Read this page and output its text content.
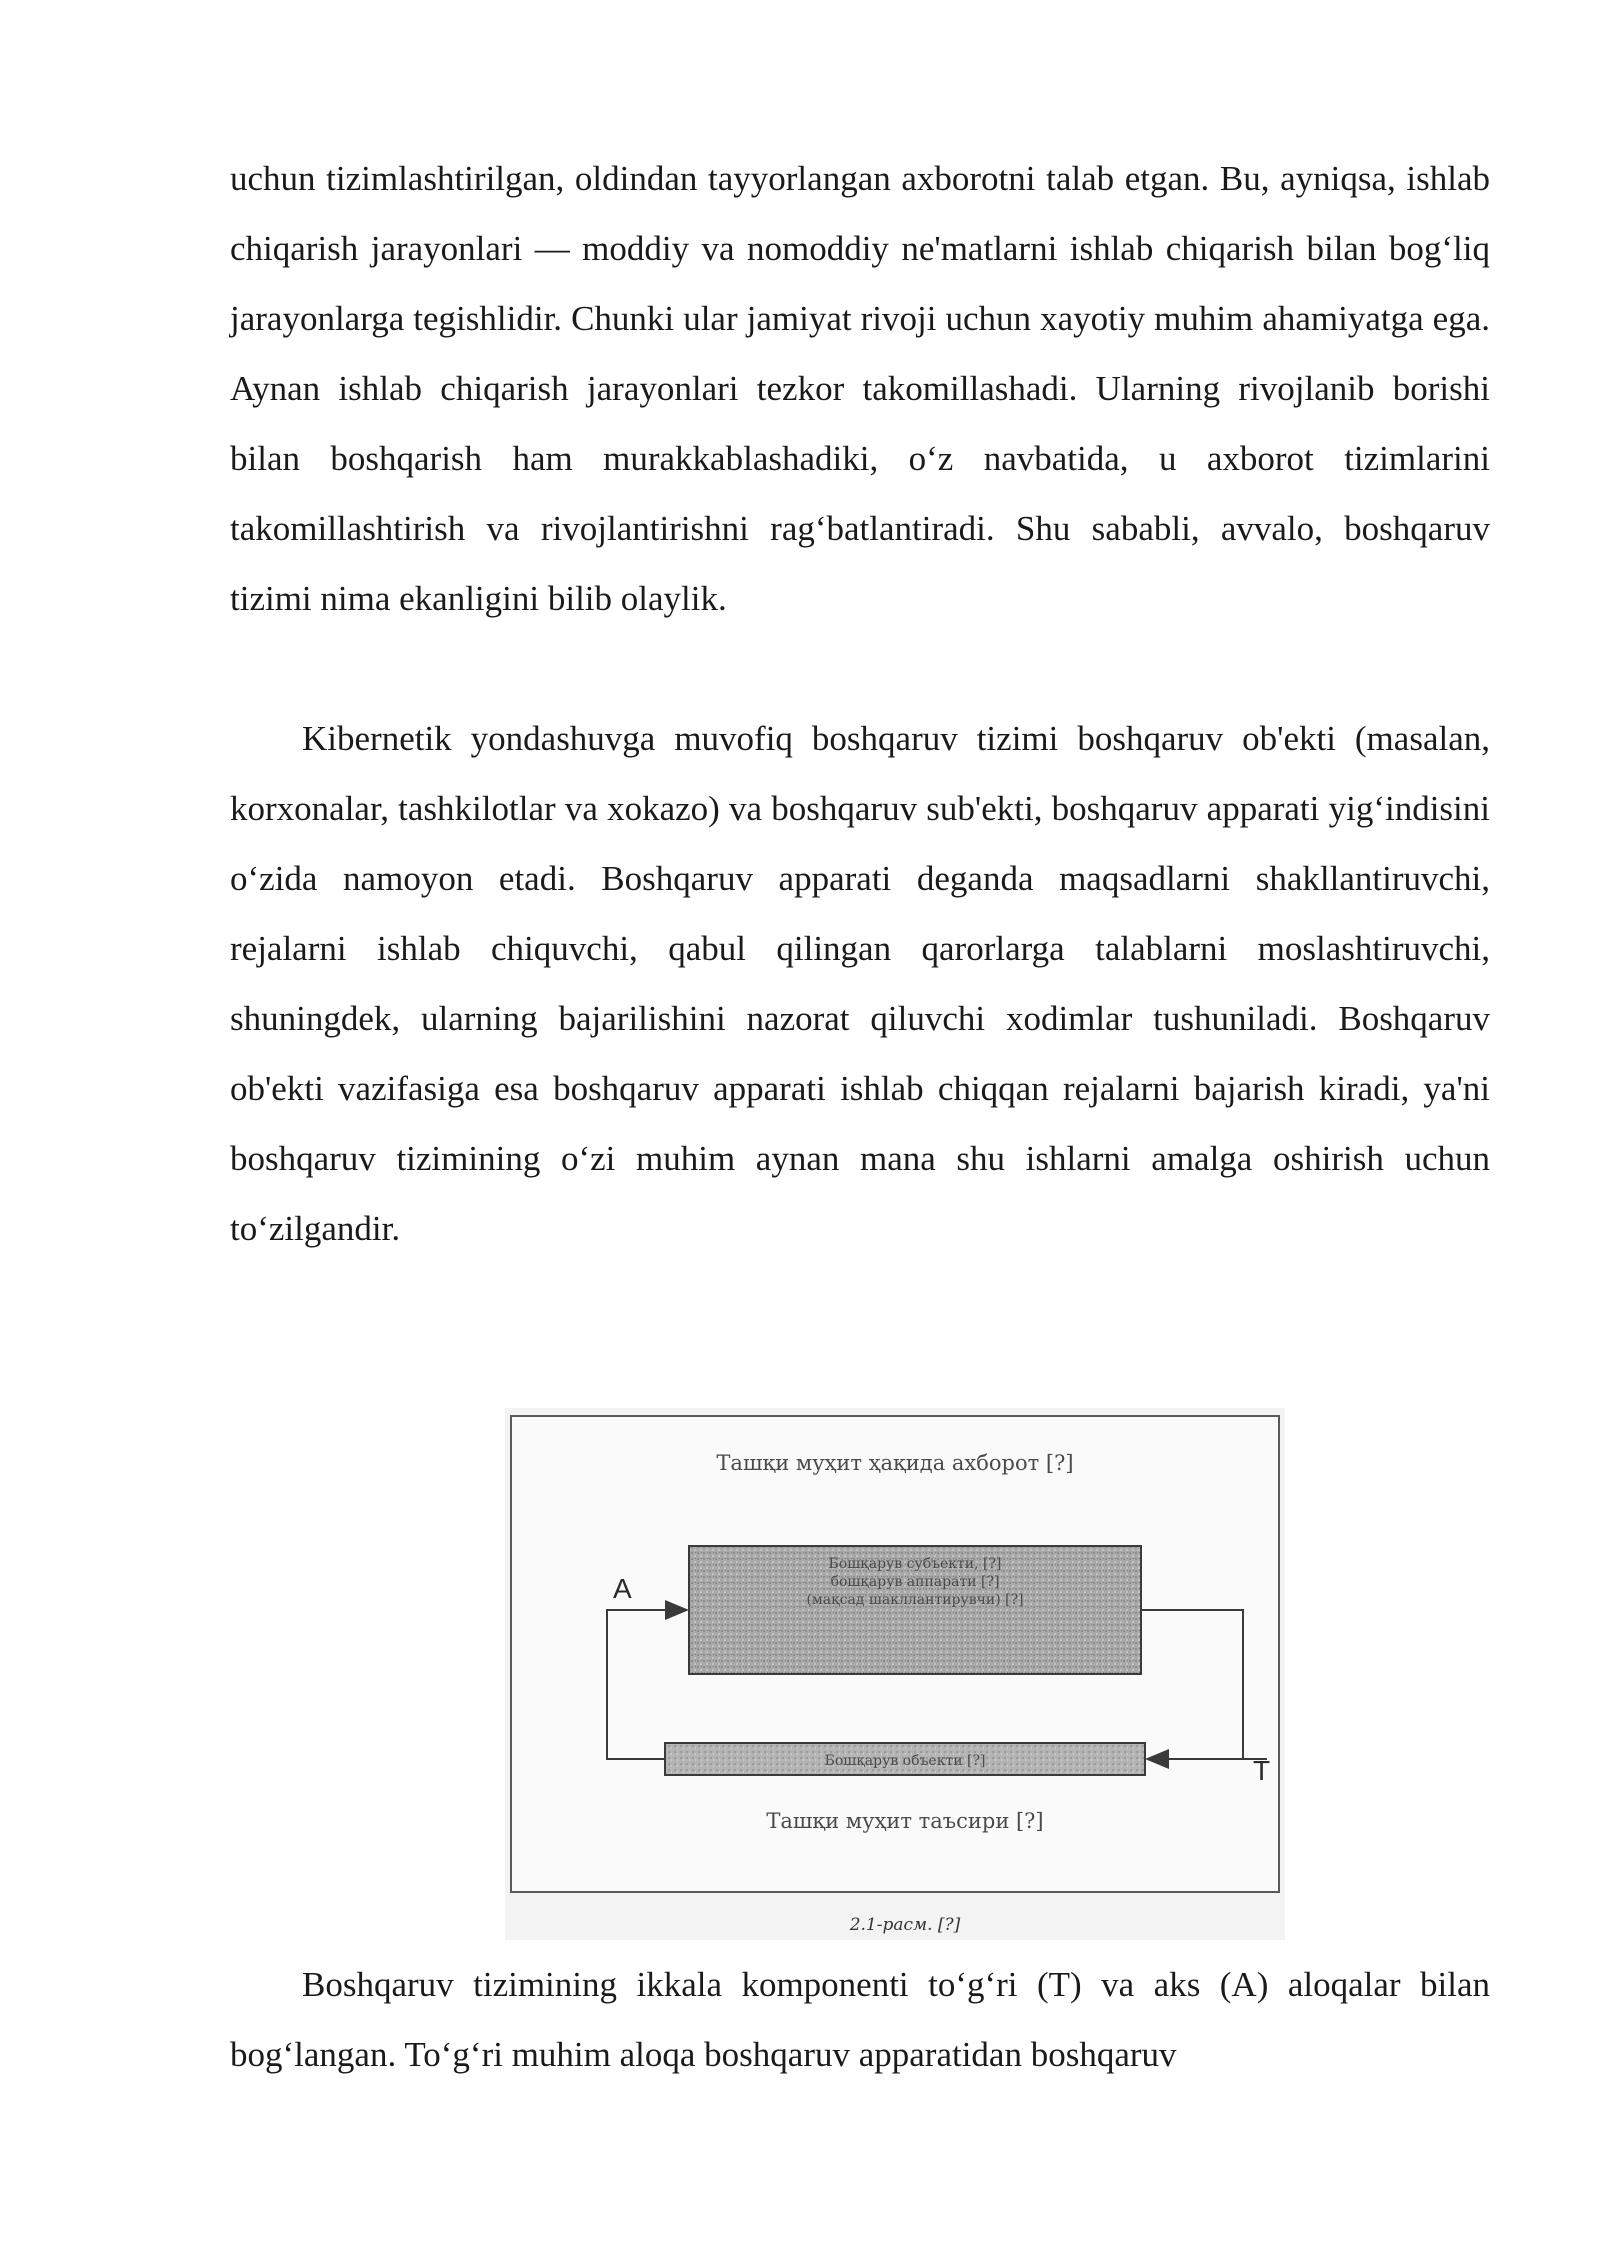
uchun tizimlashtirilgan, oldindan tayyorlangan axborotni talab etgan. Bu, ayniqsa, ishlab chiqarish jarayonlari — moddiy va nomoddiy ne'matlarni ishlab chiqarish bilan bog‘liq jarayonlarga tegishlidir. Chunki ular jamiyat rivoji uchun xayotiy muhim ahamiyatga ega. Aynan ishlab chiqarish jarayonlari tezkor takomillashadi. Ularning rivojlanib borishi bilan boshqarish ham murakkablashadiki, o‘z navbatida, u axborot tizimlarini takomillashtirish va rivojlantirishni rag‘batlantiradi. Shu sababli, avvalo, boshqaruv tizimi nima ekanligini bilib olaylik.

Kibernetik yondashuvga muvofiq boshqaruv tizimi boshqaruv ob'ekti (masalan, korxonalar, tashkilotlar va xokazo) va boshqaruv sub'ekti, boshqaruv apparati yig‘indisini o‘zida namoyon etadi. Boshqaruv apparati deganda maqsadlarni shakllantiruvchi, rejalarni ishlab chiquvchi, qabul qilingan qarorlarga talablarni moslashtiruvchi, shuningdek, ularning bajarilishini nazorat qiluvchi xodimlar tushuniladi. Boshqaruv ob'ekti vazifasiga esa boshqaruv apparati ishlab chiqqan rejalarni bajarish kiradi, ya'ni boshqaruv tizimining o‘zi muhim aynan mana shu ishlarni amalga oshirish uchun to‘zilgandir.

Ташқи муҳит ҳақида ахборот [?]
Бошқарув субъекти, [?]
бошқарув аппарати [?]
(мақсад шакллантирувчи) [?]
Бошқарув объекти [?]
A
T
Ташқи муҳит таъсири [?]
2.1-расм. [?]

Boshqaruv tizimining ikkala komponenti to‘g‘ri (T) va aks (A) aloqalar bilan bog‘langan. To‘g‘ri muhim aloqa boshqaruv apparatidan boshqaruv
